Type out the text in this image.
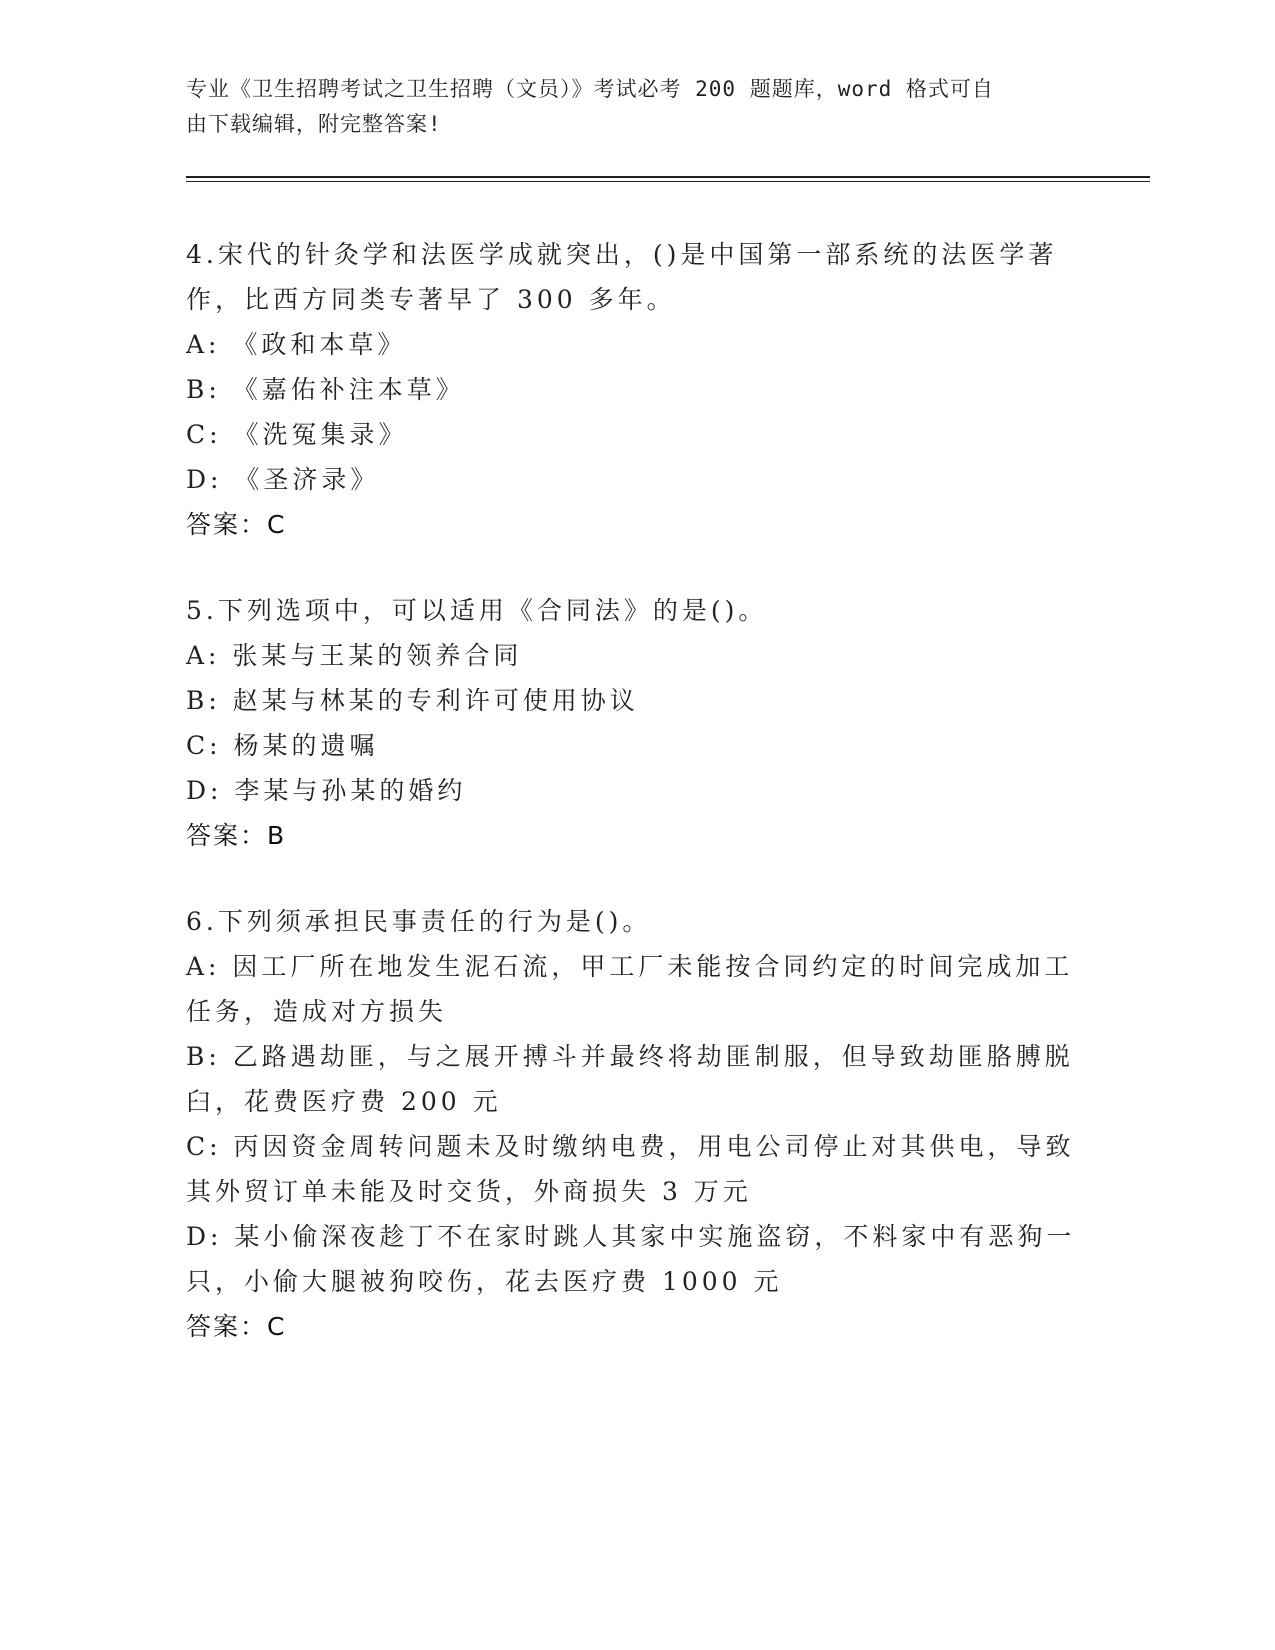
专业《卫生招聘考试之卫生招聘（文员）》考试必考 200 题题库，word 格式可自
由下载编辑，附完整答案!
4.宋代的针灸学和法医学成就突出，()是中国第一部系统的法医学著
作，比西方同类专著早了 300 多年。
A: 《政和本草》
B: 《嘉佑补注本草》
C: 《洗冤集录》
D: 《圣济录》
答案：C
5.下列选项中，可以适用《合同法》的是()。
A: 张某与王某的领养合同
B: 赵某与林某的专利许可使用协议
C: 杨某的遗嘱
D: 李某与孙某的婚约
答案：B
6.下列须承担民事责任的行为是()。
A: 因工厂所在地发生泥石流，甲工厂未能按合同约定的时间完成加工
任务，造成对方损失
B: 乙路遇劫匪，与之展开搏斗并最终将劫匪制服，但导致劫匪胳膊脱
臼，花费医疗费 200 元
C: 丙因资金周转问题未及时缴纳电费，用电公司停止对其供电，导致
其外贸订单未能及时交货，外商损失 3 万元
D: 某小偷深夜趁丁不在家时跳人其家中实施盗窃，不料家中有恶狗一
只，小偷大腿被狗咬伤，花去医疗费 1000 元
答案：C
